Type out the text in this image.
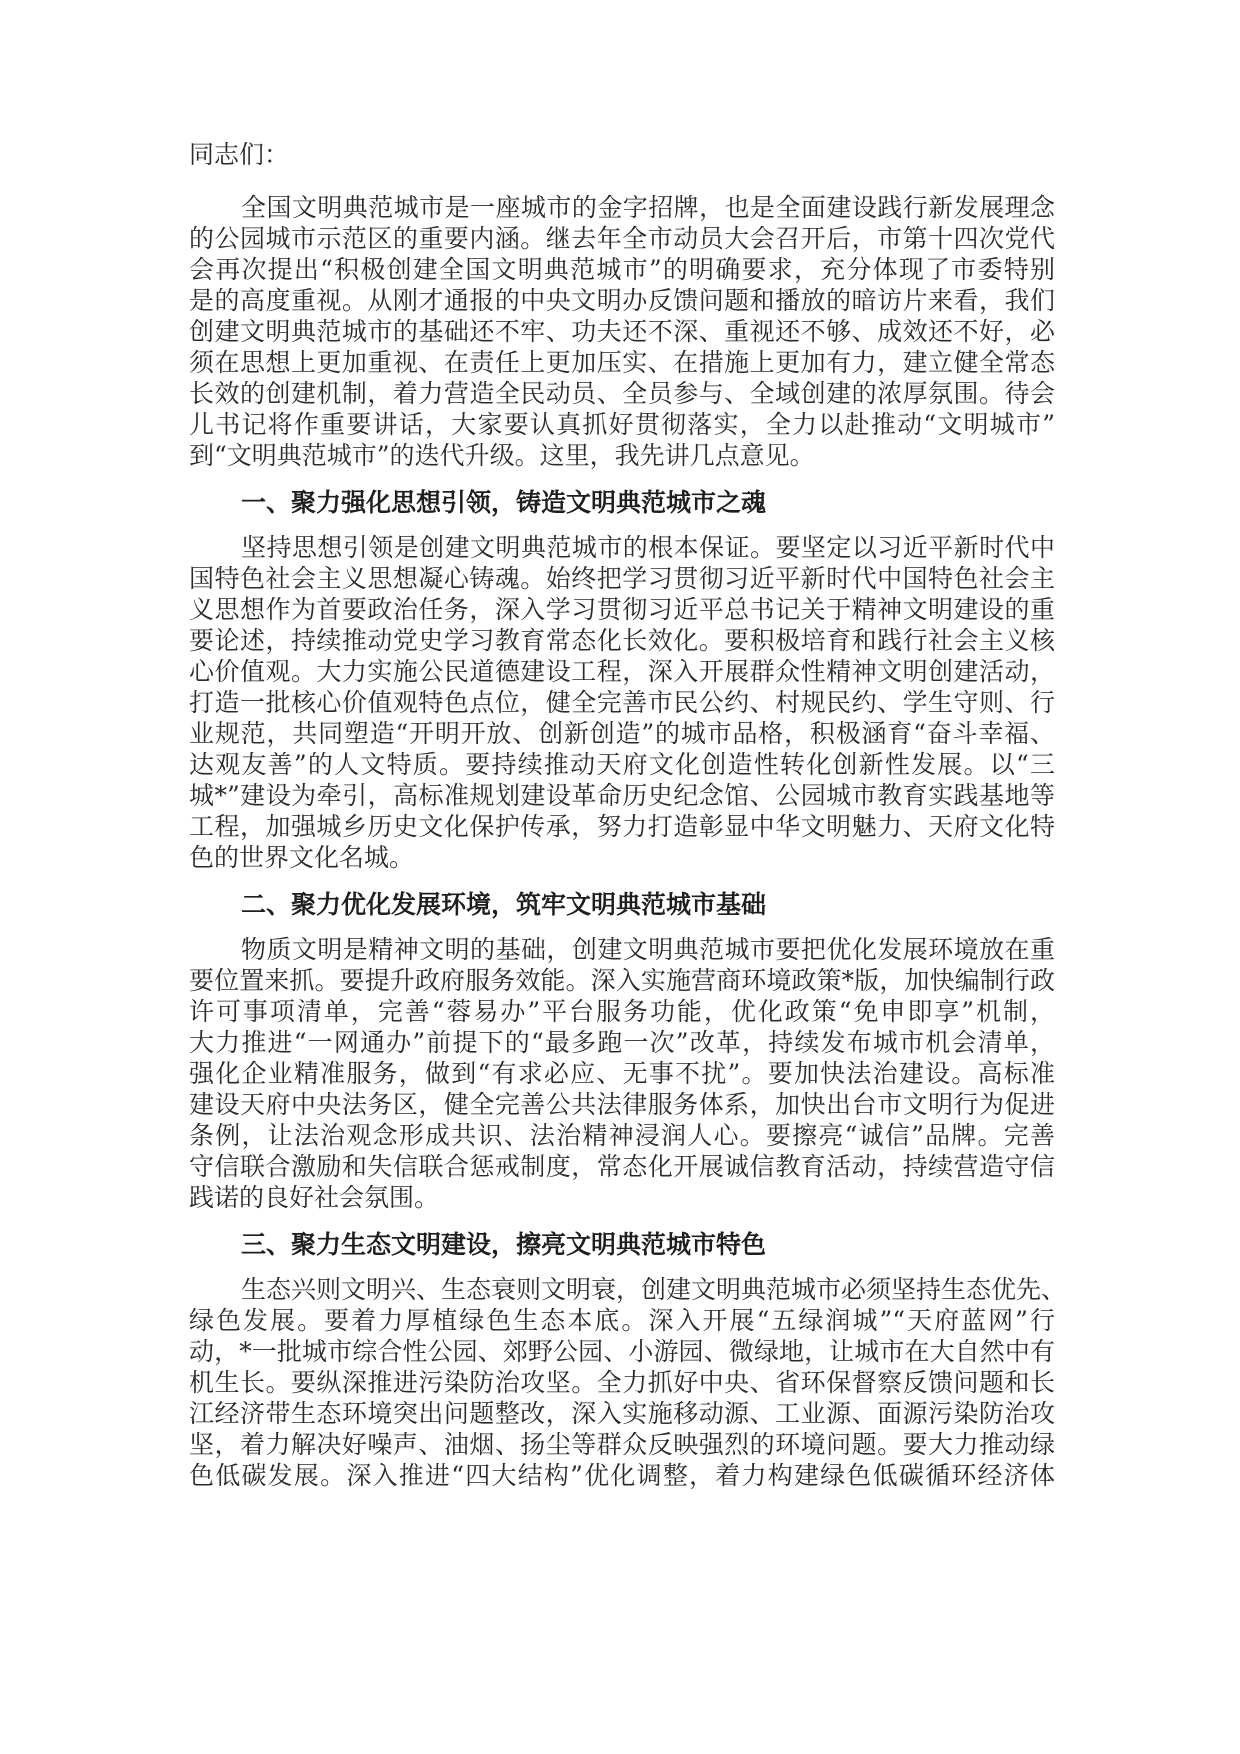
同志们：
全国文明典范城市是一座城市的金字招牌，也是全面建设践行新发展理念
的公园城市示范区的重要内涵。继去年全市动员大会召开后，市第十四次党代
会再次提出“积极创建全国文明典范城市”的明确要求，充分体现了市委特别
是的高度重视。从刚才通报的中央文明办反馈问题和播放的暗访片来看，我们
创建文明典范城市的基础还不牢、功夫还不深、重视还不够、成效还不好，必
须在思想上更加重视、在责任上更加压实、在措施上更加有力，建立健全常态
长效的创建机制，着力营造全民动员、全员参与、全域创建的浓厚氛围。待会
儿书记将作重要讲话，大家要认真抓好贯彻落实，全力以赴推动“文明城市”
到“文明典范城市”的迭代升级。这里，我先讲几点意见。
一、聚力强化思想引领，铸造文明典范城市之魂
坚持思想引领是创建文明典范城市的根本保证。要坚定以习近平新时代中
国特色社会主义思想凝心铸魂。始终把学习贯彻习近平新时代中国特色社会主
义思想作为首要政治任务，深入学习贯彻习近平总书记关于精神文明建设的重
要论述，持续推动党史学习教育常态化长效化。要积极培育和践行社会主义核
心价值观。大力实施公民道德建设工程，深入开展群众性精神文明创建活动，
打造一批核心价值观特色点位，健全完善市民公约、村规民约、学生守则、行
业规范，共同塑造“开明开放、创新创造”的城市品格，积极涵育“奋斗幸福、
达观友善”的人文特质。要持续推动天府文化创造性转化创新性发展。以“三
城*”建设为牵引，高标准规划建设革命历史纪念馆、公园城市教育实践基地等
工程，加强城乡历史文化保护传承，努力打造彰显中华文明魅力、天府文化特
色的世界文化名城。
二、聚力优化发展环境，筑牢文明典范城市基础
物质文明是精神文明的基础，创建文明典范城市要把优化发展环境放在重
要位置来抓。要提升政府服务效能。深入实施营商环境政策*版，加快编制行政
许可事项清单，完善“蓉易办”平台服务功能，优化政策“免申即享”机制，
大力推进“一网通办”前提下的“最多跑一次”改革，持续发布城市机会清单，
强化企业精准服务，做到“有求必应、无事不扰”。要加快法治建设。高标准
建设天府中央法务区，健全完善公共法律服务体系，加快出台市文明行为促进
条例，让法治观念形成共识、法治精神浸润人心。要擦亮“诚信”品牌。完善
守信联合激励和失信联合惩戒制度，常态化开展诚信教育活动，持续营造守信
践诺的良好社会氛围。
三、聚力生态文明建设，擦亮文明典范城市特色
生态兴则文明兴、生态衰则文明衰，创建文明典范城市必须坚持生态优先、
绿色发展。要着力厚植绿色生态本底。深入开展“五绿润城”“天府蓝网”行
动，*一批城市综合性公园、郊野公园、小游园、微绿地，让城市在大自然中有
机生长。要纵深推进污染防治攻坚。全力抓好中央、省环保督察反馈问题和长
江经济带生态环境突出问题整改，深入实施移动源、工业源、面源污染防治攻
坚，着力解决好噪声、油烟、扬尘等群众反映强烈的环境问题。要大力推动绿
色低碳发展。深入推进“四大结构”优化调整，着力构建绿色低碳循环经济体
